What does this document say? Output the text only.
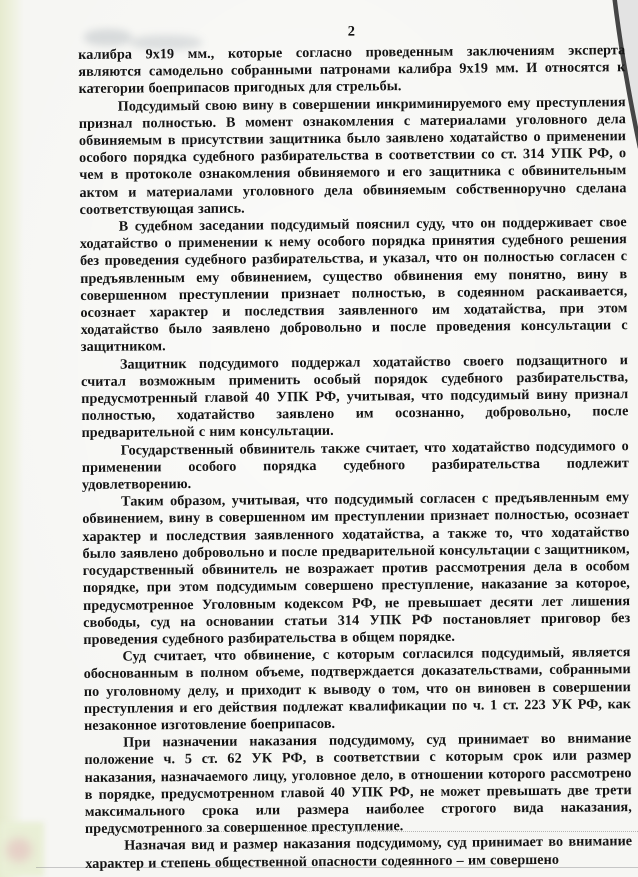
2

калибра 9х19 мм., которые согласно проведенным заключениям эксперта являются самодельно собранными патронами калибра 9х19 мм. И относятся к категории боеприпасов пригодных для стрельбы.

Подсудимый свою вину в совершении инкриминируемого ему преступления признал полностью. В момент ознакомления с материалами уголовного дела обвиняемым в присутствии защитника было заявлено ходатайство о применении особого порядка судебного разбирательства в соответствии со ст. 314 УПК РФ, о чем в протоколе ознакомления обвиняемого и его защитника с обвинительным актом и материалами уголовного дела обвиняемым собственноручно сделана соответствующая запись.

В судебном заседании подсудимый пояснил суду, что он поддерживает свое ходатайство о применении к нему особого порядка принятия судебного решения без проведения судебного разбирательства, и указал, что он полностью согласен с предъявленным ему обвинением, существо обвинения ему понятно, вину в совершенном преступлении признает полностью, в содеянном раскаивается, осознает характер и последствия заявленного им ходатайства, при этом ходатайство было заявлено добровольно и после проведения консультации с защитником.

Защитник подсудимого поддержал ходатайство своего подзащитного и считал возможным применить особый порядок судебного разбирательства, предусмотренный главой 40 УПК РФ, учитывая, что подсудимый вину признал полностью, ходатайство заявлено им осознанно, добровольно, после предварительной с ним консультации.

Государственный обвинитель также считает, что ходатайство подсудимого о применении особого порядка судебного разбирательства подлежит удовлетворению.

Таким образом, учитывая, что подсудимый согласен с предъявленным ему обвинением, вину в совершенном им преступлении признает полностью, осознает характер и последствия заявленного ходатайства, а также то, что ходатайство было заявлено добровольно и после предварительной консультации с защитником, государственный обвинитель не возражает против рассмотрения дела в особом порядке, при этом подсудимым совершено преступление, наказание за которое, предусмотренное Уголовным кодексом РФ, не превышает десяти лет лишения свободы, суд на основании статьи 314 УПК РФ постановляет приговор без проведения судебного разбирательства в общем порядке.

Суд считает, что обвинение, с которым согласился подсудимый, является обоснованным в полном объеме, подтверждается доказательствами, собранными по уголовному делу, и приходит к выводу о том, что он виновен в совершении преступления и его действия подлежат квалификации по ч. 1 ст. 223 УК РФ, как незаконное изготовление боеприпасов.

При назначении наказания подсудимому, суд принимает во внимание положение ч. 5 ст. 62 УК РФ, в соответствии с которым срок или размер наказания, назначаемого лицу, уголовное дело, в отношении которого рассмотрено в порядке, предусмотренном главой 40 УПК РФ, не может превышать две трети максимального срока или размера наиболее строгого вида наказания, предусмотренного за совершенное преступление.

Назначая вид и размер наказания подсудимому, суд принимает во внимание характер и степень общественной опасности содеянного – им совершено
